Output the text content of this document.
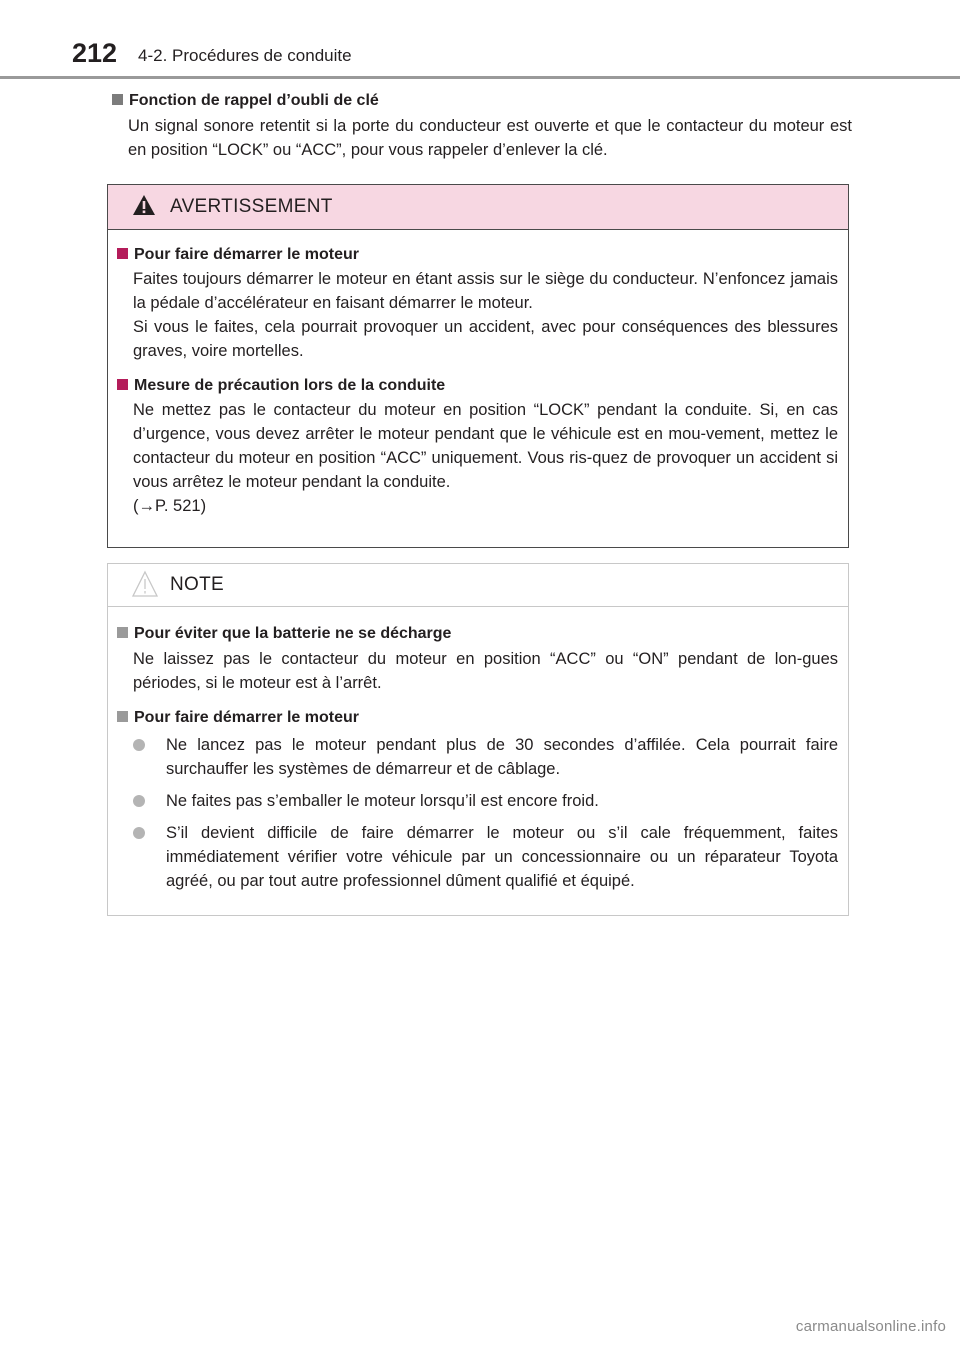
212 4-2. Procédures de conduite
Fonction de rappel d’oubli de clé
Un signal sonore retentit si la porte du conducteur est ouverte et que le contacteur du moteur est en position “LOCK” ou “ACC”, pour vous rappeler d’enlever la clé.
AVERTISSEMENT
Pour faire démarrer le moteur
Faites toujours démarrer le moteur en étant assis sur le siège du conducteur. N’enfoncez jamais la pédale d’accélérateur en faisant démarrer le moteur.
Si vous le faites, cela pourrait provoquer un accident, avec pour conséquences des blessures graves, voire mortelles.
Mesure de précaution lors de la conduite
Ne mettez pas le contacteur du moteur en position “LOCK” pendant la conduite. Si, en cas d’urgence, vous devez arrêter le moteur pendant que le véhicule est en mou-vement, mettez le contacteur du moteur en position “ACC” uniquement. Vous ris-quez de provoquer un accident si vous arrêtez le moteur pendant la conduite.
(→P. 521)
NOTE
Pour éviter que la batterie ne se décharge
Ne laissez pas le contacteur du moteur en position “ACC” ou “ON” pendant de lon-gues périodes, si le moteur est à l’arrêt.
Pour faire démarrer le moteur
Ne lancez pas le moteur pendant plus de 30 secondes d’affilée. Cela pourrait faire surchauffer les systèmes de démarreur et de câblage.
Ne faites pas s’emballer le moteur lorsqu’il est encore froid.
S’il devient difficile de faire démarrer le moteur ou s’il cale fréquemment, faites immédiatement vérifier votre véhicule par un concessionnaire ou un réparateur Toyota agréé, ou par tout autre professionnel dûment qualifié et équipé.
carmanualsonline.info
